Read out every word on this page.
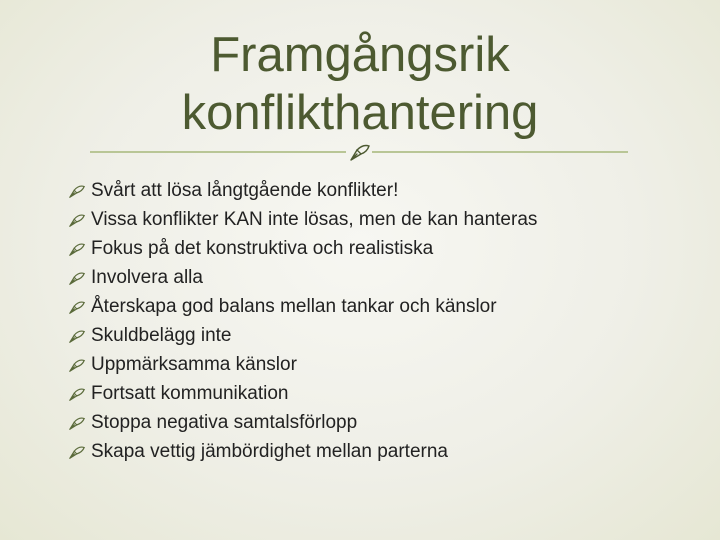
Framgångsrik
konflikthantering
Svårt att lösa långtgående konflikter!
Vissa konflikter KAN inte lösas, men de kan hanteras
Fokus på det konstruktiva och realistiska
Involvera alla
Återskapa god balans mellan tankar och känslor
Skuldbelägg inte
Uppmärksamma känslor
Fortsatt kommunikation
Stoppa negativa samtalsförlopp
Skapa vettig jämbördighet mellan parterna
